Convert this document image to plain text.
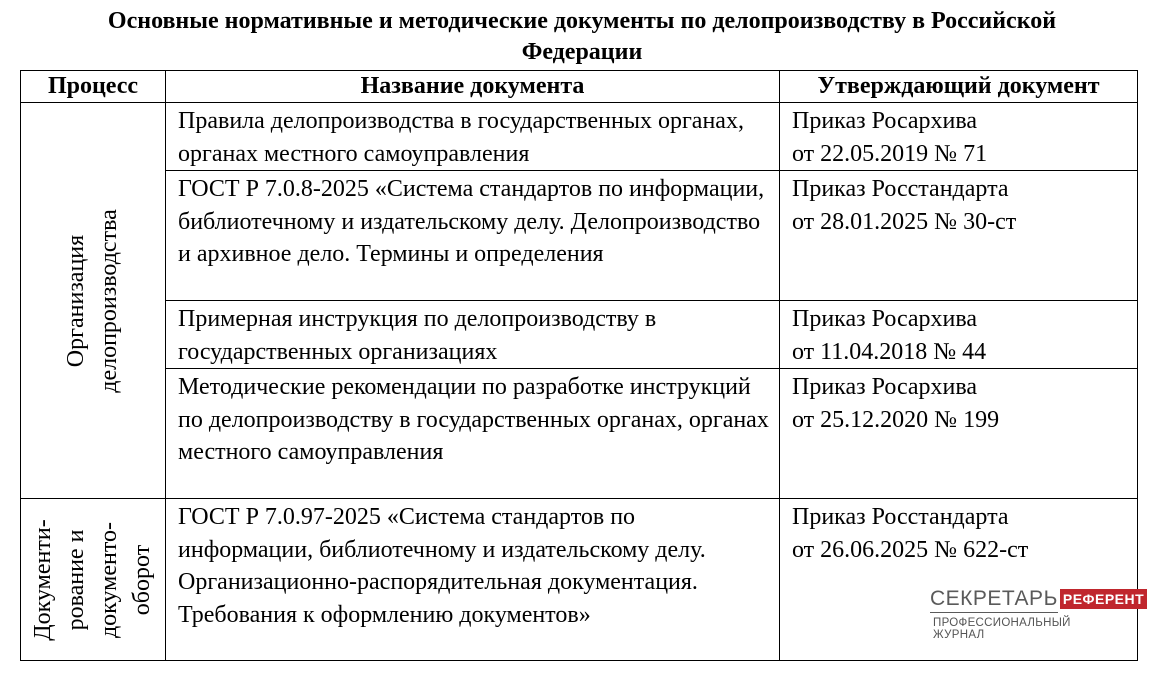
Основные нормативные и методические документы по делопроизводству в Российской
Федерации
Процесс	Название документа	Утверждающий документ

Организация делопроизводства	Правила делопроизводства в государственных органах, органах местного самоуправления	Приказ Росархива
от 22.05.2019 № 71

	ГОСТ Р 7.0.8-2025 «Система стандартов по информации, библиотечному и издательскому делу. Делопроизводство и архивное дело. Термины и определения	Приказ Росстандарта
от 28.01.2025 № 30-ст

	Примерная инструкция по делопроизводству в государственных организациях	Приказ Росархива
от 11.04.2018 № 44

	Методические рекомендации по разработке инструкций по делопроизводству в государственных органах, органах местного самоуправления	Приказ Росархива
от 25.12.2020 № 199

Документи- рование и документо- оборот	ГОСТ Р 7.0.97-2025 «Система стандартов по информации, библиотечному и издательскому делу. Организационно-распорядительная документация. Требования к оформлению документов»	Приказ Росстандарта
от 26.06.2025 № 622-ст
СЕКРЕТАРЬ РЕФЕРЕНТ
ПРОФЕССИОНАЛЬНЫЙ ЖУРНАЛ
